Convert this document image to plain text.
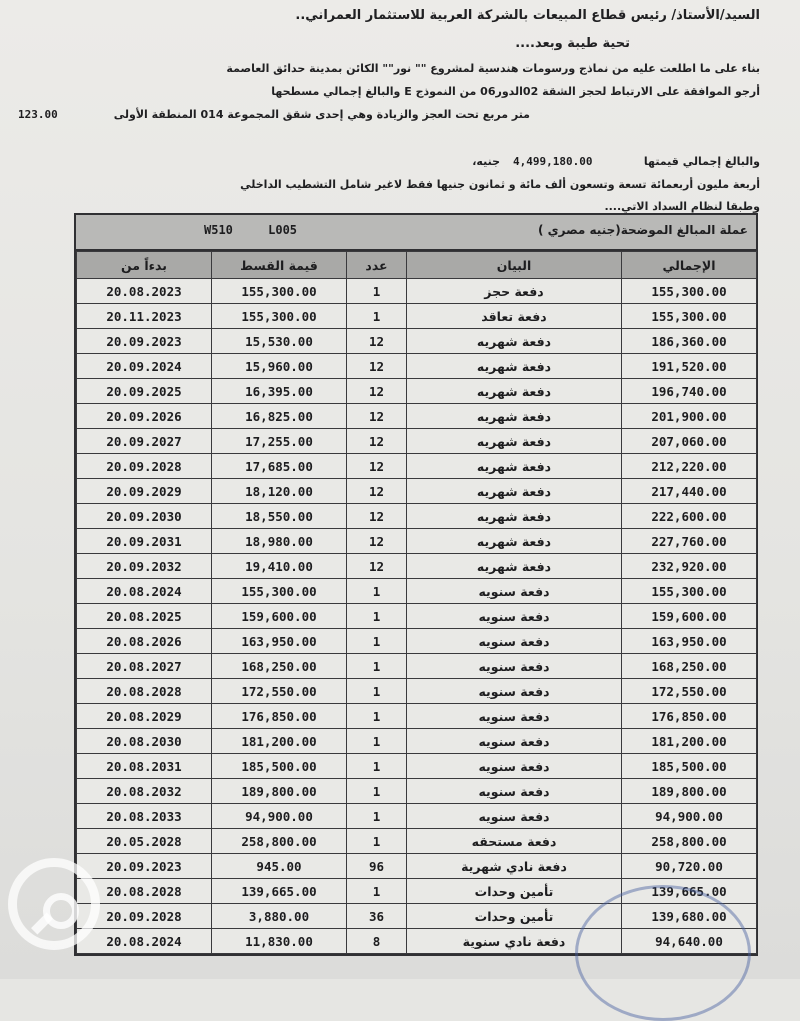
السيد/الأستاذ/ رئيس قطاع المبيعات بالشركة العربية للاستثمار العمراني..
تحية طيبة وبعد....
بناء على ما اطلعت عليه من نماذج ورسومات هندسية لمشروع "" نور"" الكائن بمدينة حدائق العاصمة
أرجو الموافقة على الارتباط لحجز الشقة 02الدور06 من النموذج E والبالغ إجمالي مسطحها
123.00	متر مربع تحت العجز والزيادة وهي إحدى شقق المجموعة 014 المنطقة الأولى
والبالغ إجمالي قيمتها
4,499,180.00
جنيه،
أربعة مليون أربعمائة تسعة وتسعون ألف مائة و ثمانون جنيها فقط لاغير شامل التشطيب الداخلي
وطبقا لنظام السداد الاتي....
W510 L005	عملة المبالغ الموضحة(جنيه مصري )
بدءاً من	قيمة القسط	عدد	البيان	الإجمالي
20.08.2023	155,300.00	1	دفعة حجز	155,300.00
20.11.2023	155,300.00	1	دفعة تعاقد	155,300.00
20.09.2023	15,530.00	12	دفعة شهريه	186,360.00
20.09.2024	15,960.00	12	دفعة شهريه	191,520.00
20.09.2025	16,395.00	12	دفعة شهريه	196,740.00
20.09.2026	16,825.00	12	دفعة شهريه	201,900.00
20.09.2027	17,255.00	12	دفعة شهريه	207,060.00
20.09.2028	17,685.00	12	دفعة شهريه	212,220.00
20.09.2029	18,120.00	12	دفعة شهريه	217,440.00
20.09.2030	18,550.00	12	دفعة شهريه	222,600.00
20.09.2031	18,980.00	12	دفعة شهريه	227,760.00
20.09.2032	19,410.00	12	دفعة شهريه	232,920.00
20.08.2024	155,300.00	1	دفعة سنويه	155,300.00
20.08.2025	159,600.00	1	دفعة سنويه	159,600.00
20.08.2026	163,950.00	1	دفعة سنويه	163,950.00
20.08.2027	168,250.00	1	دفعة سنويه	168,250.00
20.08.2028	172,550.00	1	دفعة سنويه	172,550.00
20.08.2029	176,850.00	1	دفعة سنويه	176,850.00
20.08.2030	181,200.00	1	دفعة سنويه	181,200.00
20.08.2031	185,500.00	1	دفعة سنويه	185,500.00
20.08.2032	189,800.00	1	دفعة سنويه	189,800.00
20.08.2033	94,900.00	1	دفعة سنويه	94,900.00
20.05.2028	258,800.00	1	دفعة مستحقه	258,800.00
20.09.2023	945.00	96	دفعة نادي شهرية	90,720.00
20.08.2028	139,665.00	1	تأمين وحدات	139,665.00
20.09.2028	3,880.00	36	تأمين وحدات	139,680.00
20.08.2024	11,830.00	8	دفعة نادي سنوية	94,640.00
